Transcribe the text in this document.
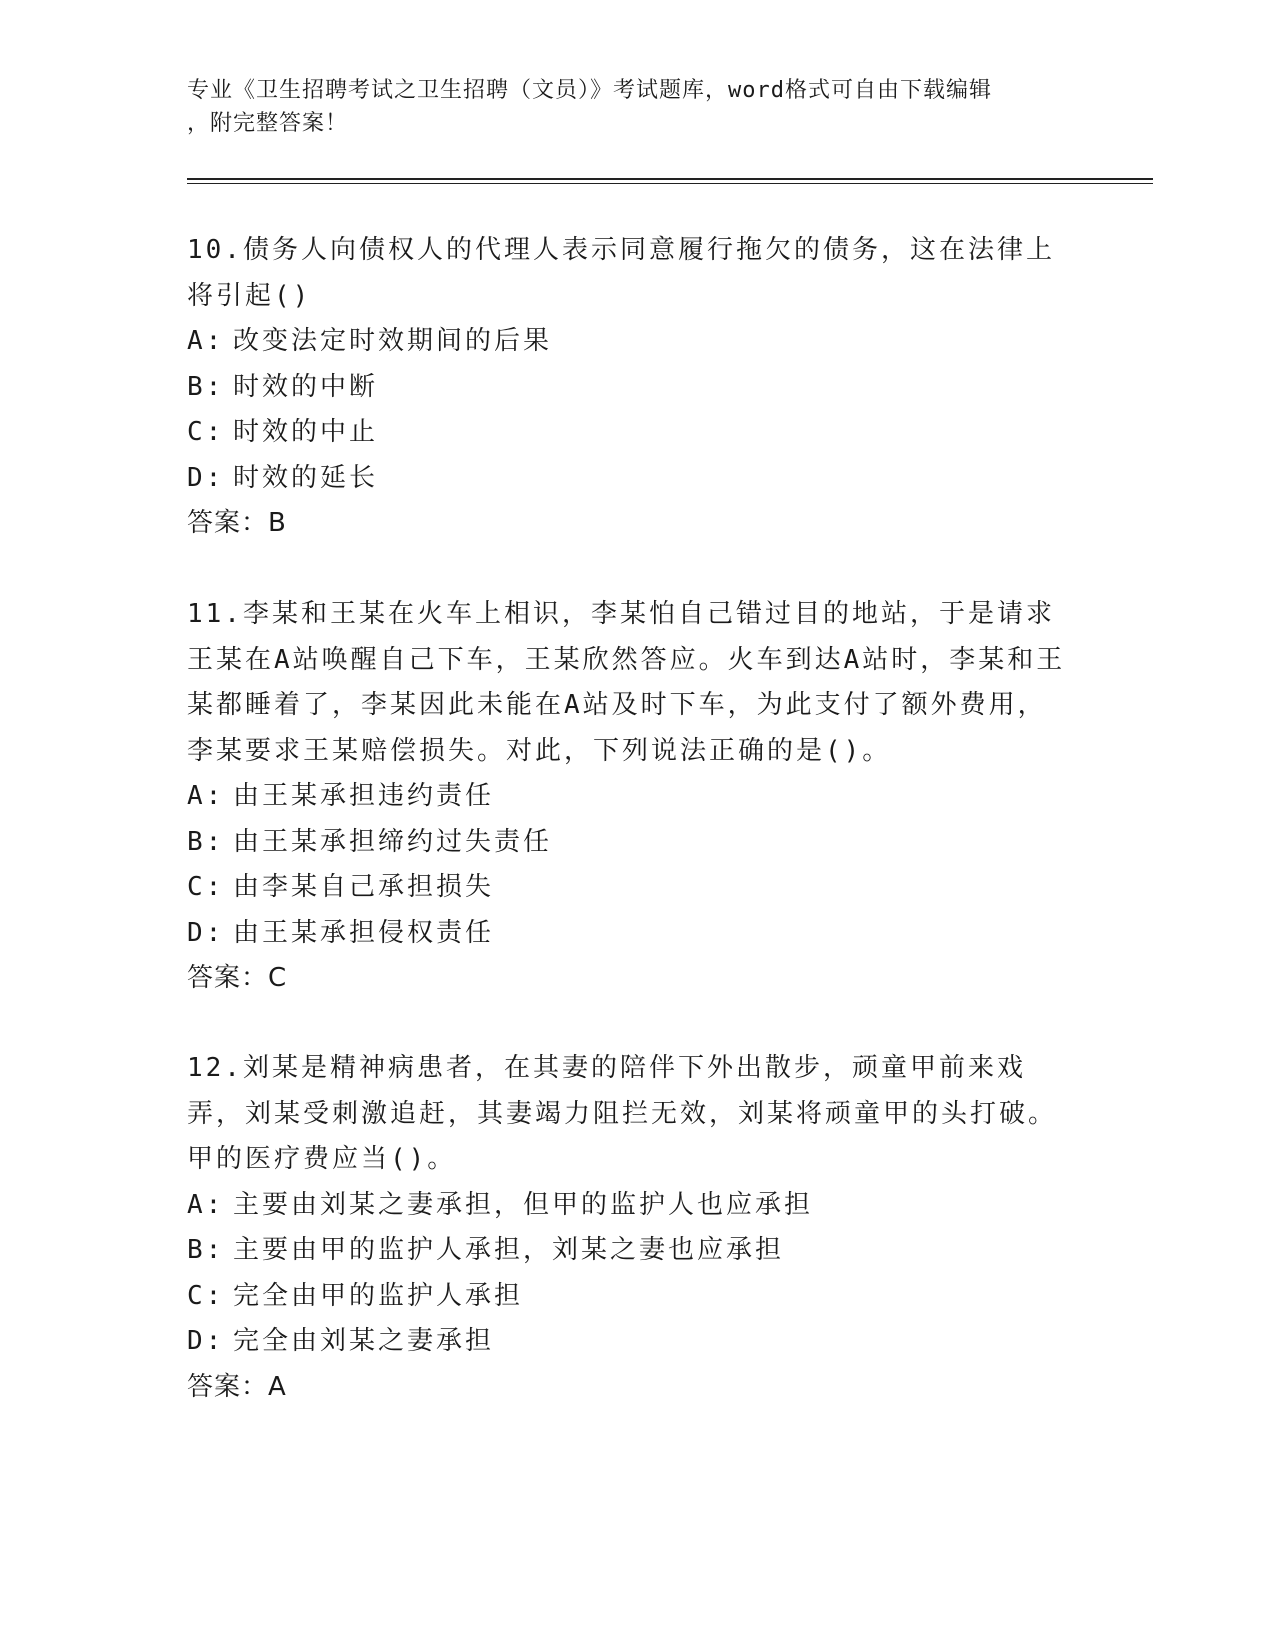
专业《卫生招聘考试之卫生招聘（文员）》考试题库，word格式可自由下载编辑
，附完整答案！

10.债务人向债权人的代理人表示同意履行拖欠的债务，这在法律上将引起()

A: 改变法定时效期间的后果

B: 时效的中断

C: 时效的中止

D: 时效的延长

答案：B

11.李某和王某在火车上相识，李某怕自己错过目的地站，于是请求王某在A站唤醒自己下车，王某欣然答应。火车到达A站时，李某和王某都睡着了，李某因此未能在A站及时下车，为此支付了额外费用，李某要求王某赔偿损失。对此，下列说法正确的是()。

A: 由王某承担违约责任

B: 由王某承担缔约过失责任

C: 由李某自己承担损失

D: 由王某承担侵权责任

答案：C

12.刘某是精神病患者，在其妻的陪伴下外出散步，顽童甲前来戏弄，刘某受刺激追赶，其妻竭力阻拦无效，刘某将顽童甲的头打破。甲的医疗费应当()。

A: 主要由刘某之妻承担，但甲的监护人也应承担

B: 主要由甲的监护人承担，刘某之妻也应承担

C: 完全由甲的监护人承担

D: 完全由刘某之妻承担

答案：A
